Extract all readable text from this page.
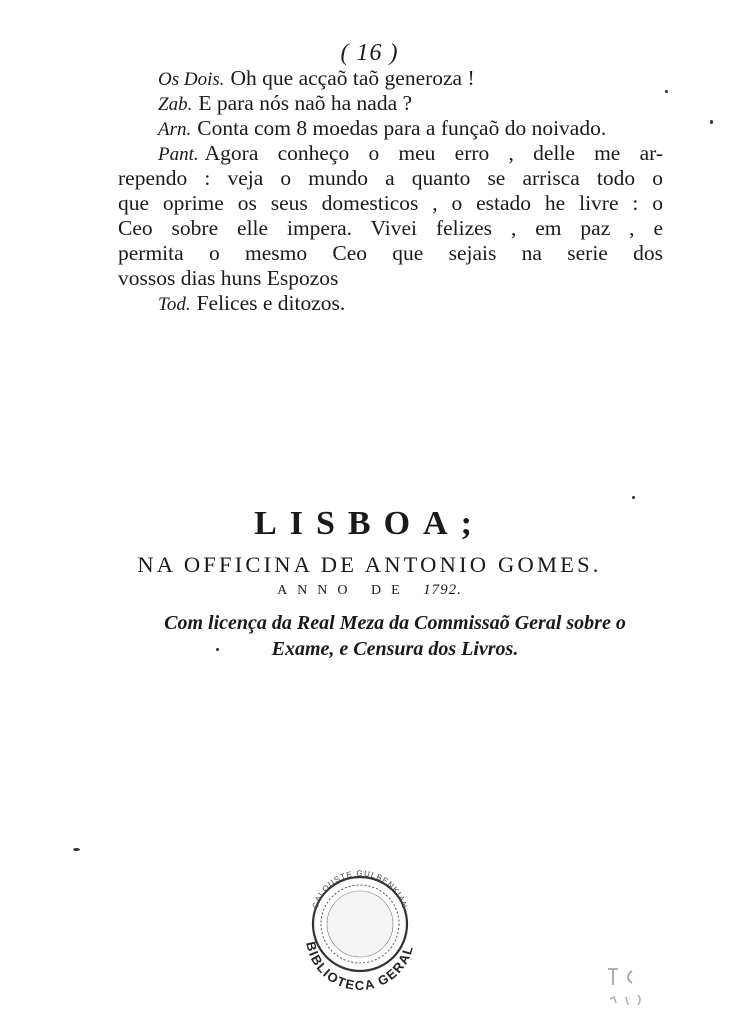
( 16 )
Os Dois. Oh que acçaõ taõ generoza !
Zab. E para nós naõ ha nada ?
Arn. Conta com 8 moedas para a funçaõ do noivado.
Pant. Agora conheço o meu erro , delle me ar-
rependo : veja o mundo a quanto se arrisca todo o
que oprime os seus domesticos , o estado he livre : o
Ceo sobre elle impera. Vivei felizes , em paz , e
permita o mesmo Ceo que sejais na serie dos
vossos dias huns Espozos
Tod. Felices e ditozos.
LISBOA;
NA OFFICINA DE ANTONIO GOMES.
ANNO DE 1792.
Com licença da Real Meza da Commissaõ Geral sobre o
Exame, e Censura dos Livros.
CALOUSTE GULBENKIAN
BIBLIOTECA GERAL
